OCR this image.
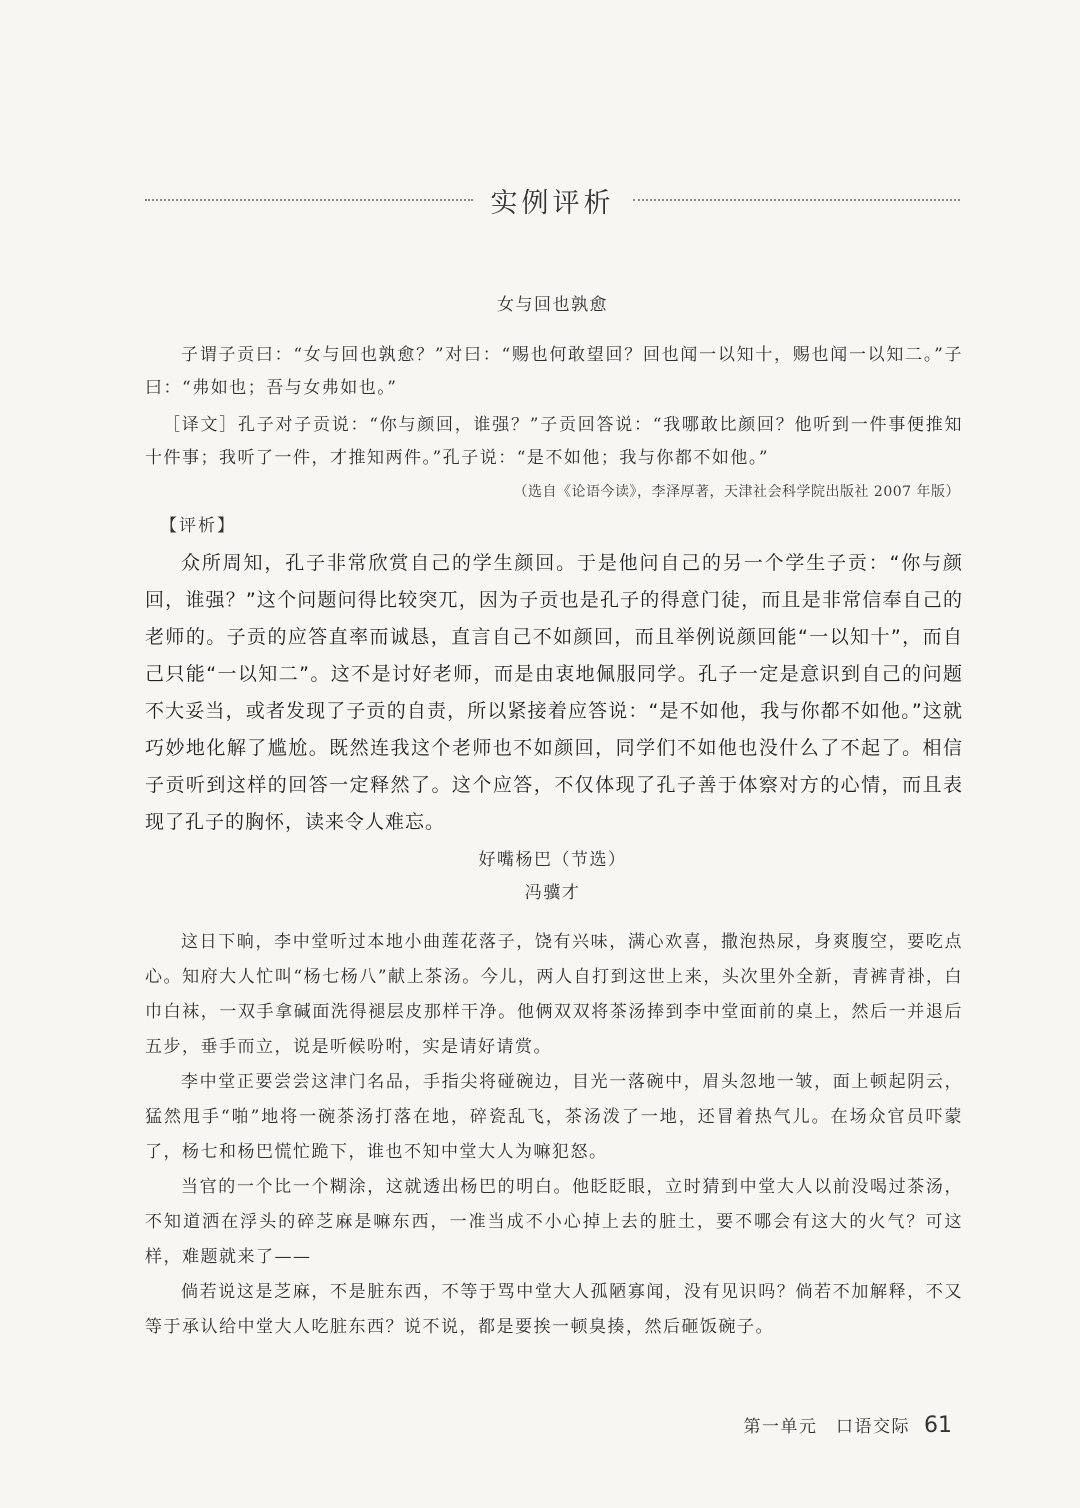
实例评析
女与回也孰愈

子谓子贡曰：“女与回也孰愈？”对曰：“赐也何敢望回？回也闻一以知十，赐也闻一以知二。”子曰：“弗如也；吾与女弗如也。”

［译文］孔子对子贡说：“你与颜回，谁强？”子贡回答说：“我哪敢比颜回？他听到一件事便推知十件事；我听了一件，才推知两件。”孔子说：“是不如他；我与你都不如他。”

（选自《论语今读》，李泽厚著，天津社会科学院出版社 2007 年版）
【评析】

众所周知，孔子非常欣赏自己的学生颜回。于是他问自己的另一个学生子贡：“你与颜回，谁强？”这个问题问得比较突兀，因为子贡也是孔子的得意门徒，而且是非常信奉自己的老师的。子贡的应答直率而诚恳，直言自己不如颜回，而且举例说颜回能“一以知十”，而自己只能“一以知二”。这不是讨好老师，而是由衷地佩服同学。孔子一定是意识到自己的问题不大妥当，或者发现了子贡的自责，所以紧接着应答说：“是不如他，我与你都不如他。”这就巧妙地化解了尴尬。既然连我这个老师也不如颜回，同学们不如他也没什么了不起了。相信子贡听到这样的回答一定释然了。这个应答，不仅体现了孔子善于体察对方的心情，而且表现了孔子的胸怀，读来令人难忘。

好嘴杨巴（节选）
冯骥才

这日下晌，李中堂听过本地小曲莲花落子，饶有兴味，满心欢喜，撒泡热尿，身爽腹空，要吃点心。知府大人忙叫“杨七杨八”献上茶汤。今儿，两人自打到这世上来，头次里外全新，青裤青褂，白巾白袜，一双手拿碱面洗得褪层皮那样干净。他俩双双将茶汤捧到李中堂面前的桌上，然后一并退后五步，垂手而立，说是听候吩咐，实是请好请赏。

李中堂正要尝尝这津门名品，手指尖将碰碗边，目光一落碗中，眉头忽地一皱，面上顿起阴云，猛然甩手“啪”地将一碗茶汤打落在地，碎瓷乱飞，茶汤泼了一地，还冒着热气儿。在场众官员吓蒙了，杨七和杨巴慌忙跪下，谁也不知中堂大人为嘛犯怒。

当官的一个比一个糊涂，这就透出杨巴的明白。他眨眨眼，立时猜到中堂大人以前没喝过茶汤，不知道洒在浮头的碎芝麻是嘛东西，一准当成不小心掉上去的脏土，要不哪会有这大的火气？可这样，难题就来了——

倘若说这是芝麻，不是脏东西，不等于骂中堂大人孤陋寡闻，没有见识吗？倘若不加解释，不又等于承认给中堂大人吃脏东西？说不说，都是要挨一顿臭揍，然后砸饭碗子。

第一单元　口语交际 61
